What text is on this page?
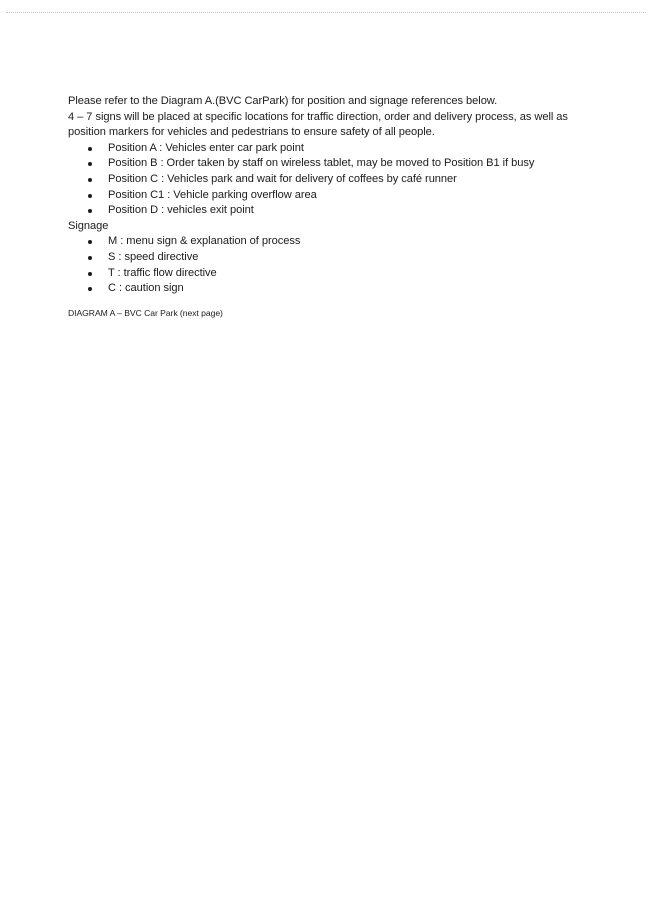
Please refer to the Diagram A.(BVC CarPark) for position and signage references below.

4 – 7 signs will be placed at specific locations for traffic direction, order and delivery process, as well as position markers for vehicles and pedestrians to ensure safety of all people.

Position A : Vehicles enter car park point
Position B : Order taken by staff on wireless tablet, may be moved to Position B1 if busy
Position C : Vehicles park and wait for delivery of coffees by café runner
Position C1 : Vehicle parking overflow area
Position D : vehicles exit point

Signage

M : menu sign & explanation of process
S : speed directive
T : traffic flow directive
C : caution sign

DIAGRAM A – BVC Car Park (next page)
